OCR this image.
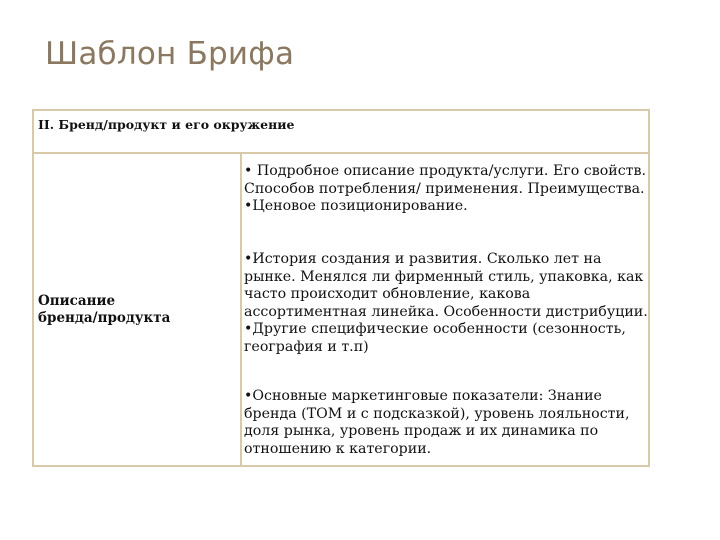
Шаблон Брифа
II. Бренд/продукт и его окружение
Описание
бренда/продукта
• Подробное описание продукта/услуги. Его свойств.
Способов потребления/ применения. Преимущества.
•Ценовое позиционирование.
•История создания и развития. Сколько лет на
рынке. Менялся ли фирменный стиль, упаковка, как
часто происходит обновление, какова
ассортиментная линейка. Особенности дистрибуции.
•Другие специфические особенности (сезонность,
география и т.п)
•Основные маркетинговые показатели: Знание
бренда (ТОМ и с подсказкой), уровень лояльности,
доля рынка, уровень продаж и их динамика по
отношению к категории.
